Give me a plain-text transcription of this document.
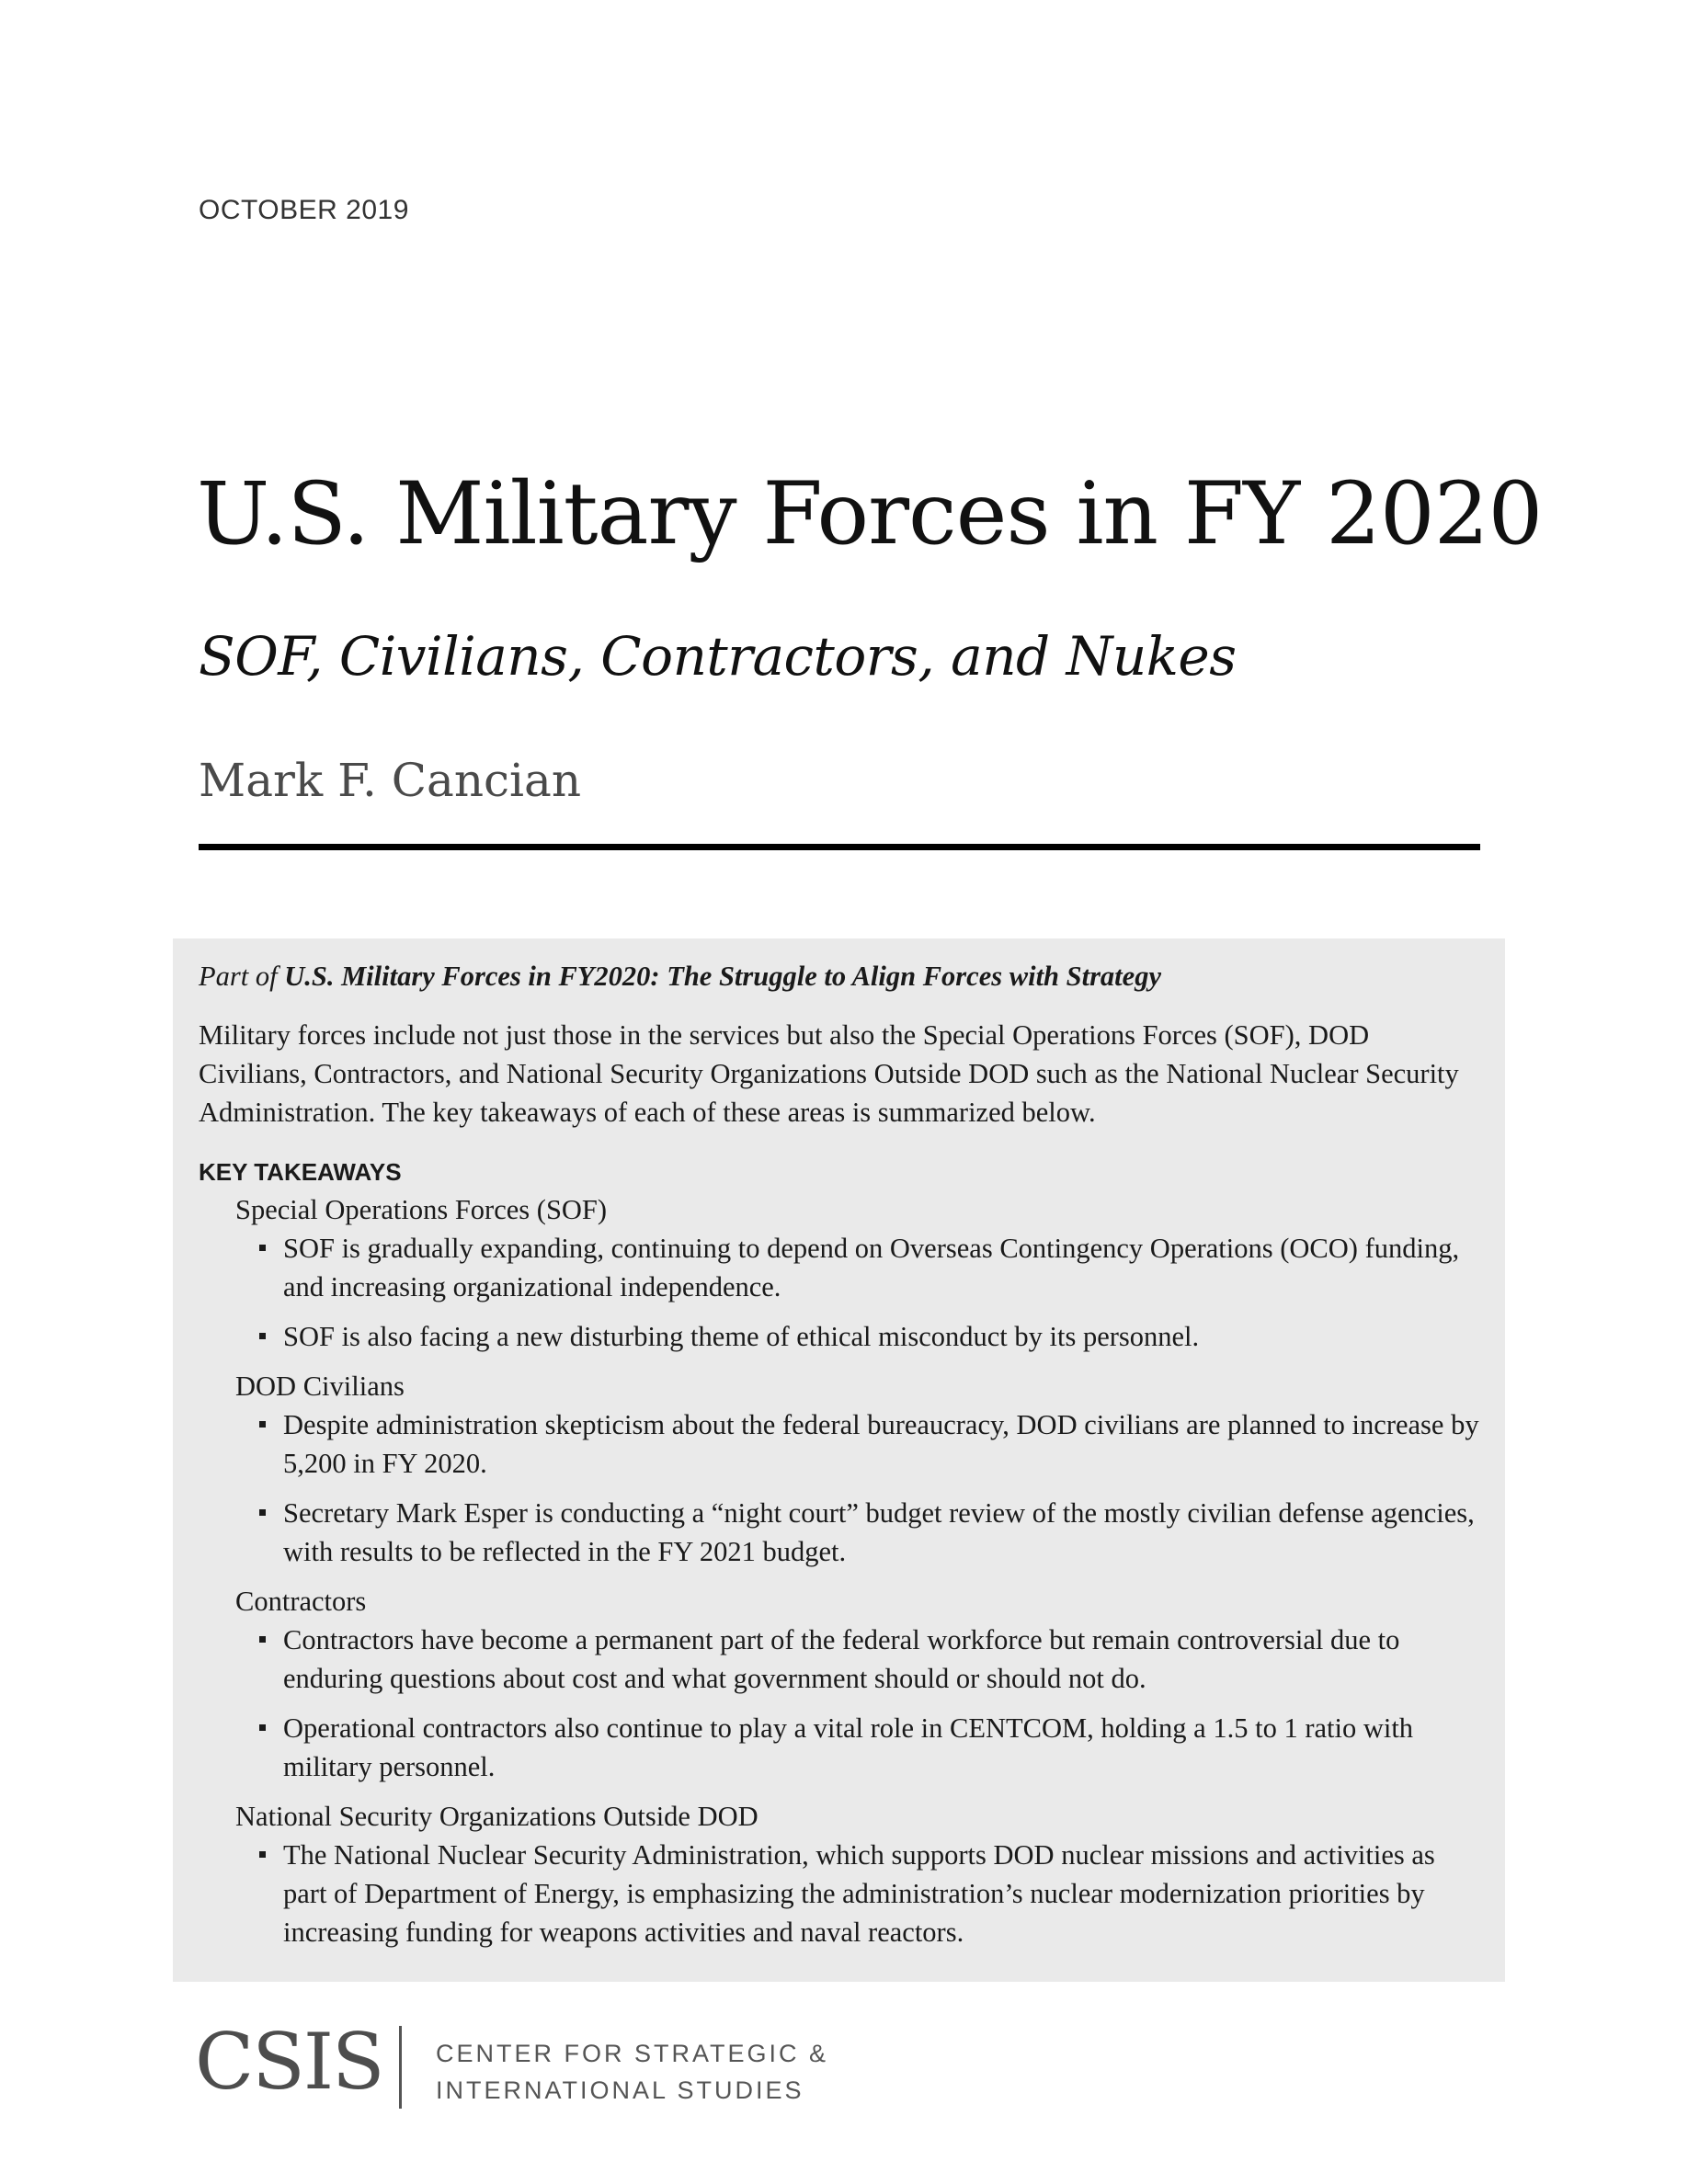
OCTOBER 2019
U.S. Military Forces in FY 2020
SOF, Civilians, Contractors, and Nukes
Mark F. Cancian

Part of U.S. Military Forces in FY2020: The Struggle to Align Forces with Strategy

Military forces include not just those in the services but also the Special Operations Forces (SOF), DOD Civilians, Contractors, and National Security Organizations Outside DOD such as the National Nuclear Security Administration. The key takeaways of each of these areas is summarized below.

KEY TAKEAWAYS
Special Operations Forces (SOF)
SOF is gradually expanding, continuing to depend on Overseas Contingency Operations (OCO) funding, and increasing organizational independence.
SOF is also facing a new disturbing theme of ethical misconduct by its personnel.
DOD Civilians
Despite administration skepticism about the federal bureaucracy, DOD civilians are planned to increase by 5,200 in FY 2020.
Secretary Mark Esper is conducting a “night court” budget review of the mostly civilian defense agencies, with results to be reflected in the FY 2021 budget.
Contractors
Contractors have become a permanent part of the federal workforce but remain controversial due to enduring questions about cost and what government should or should not do.
Operational contractors also continue to play a vital role in CENTCOM, holding a 1.5 to 1 ratio with military personnel.
National Security Organizations Outside DOD
The National Nuclear Security Administration, which supports DOD nuclear missions and activities as part of Department of Energy, is emphasizing the administration’s nuclear modernization priorities by increasing funding for weapons activities and naval reactors.
CSIS CENTER FOR STRATEGIC &
INTERNATIONAL STUDIES
